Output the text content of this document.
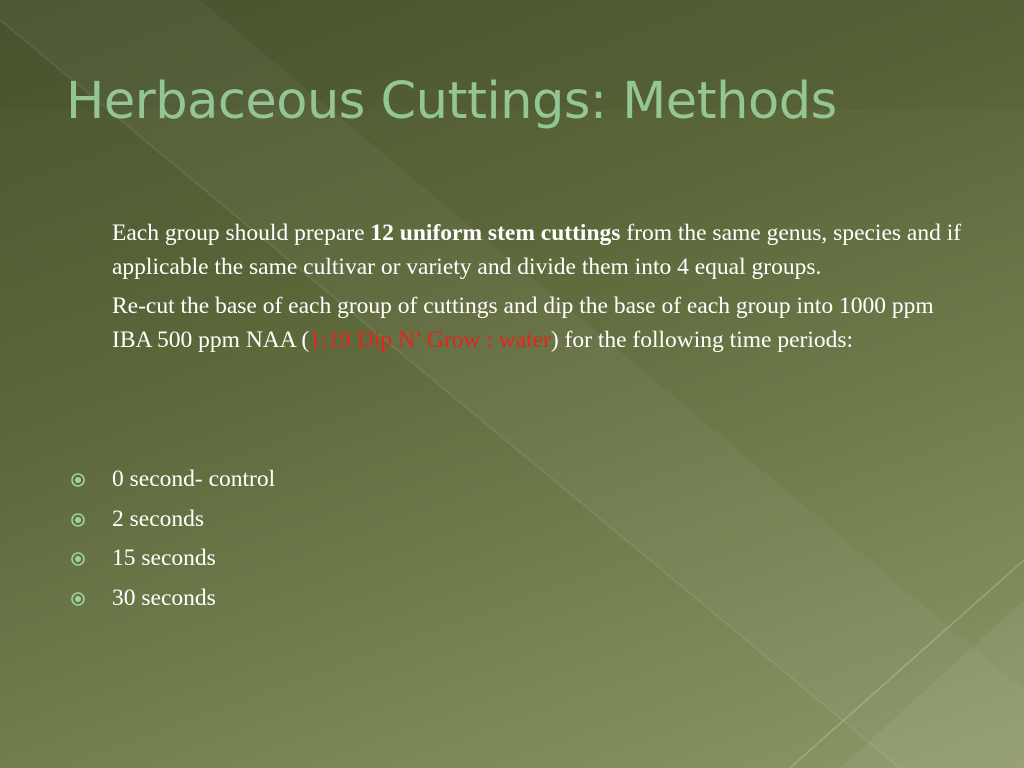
Herbaceous Cuttings: Methods

Each group should prepare 12 uniform stem cuttings from the same genus, species and if applicable the same cultivar or variety and divide them into 4 equal groups.

Re-cut the base of each group of cuttings and dip the base of each group into 1000 ppm IBA 500 ppm NAA (1:19 Dip N’ Grow : water) for the following time periods:

0 second- control
2 seconds
15 seconds
30 seconds
